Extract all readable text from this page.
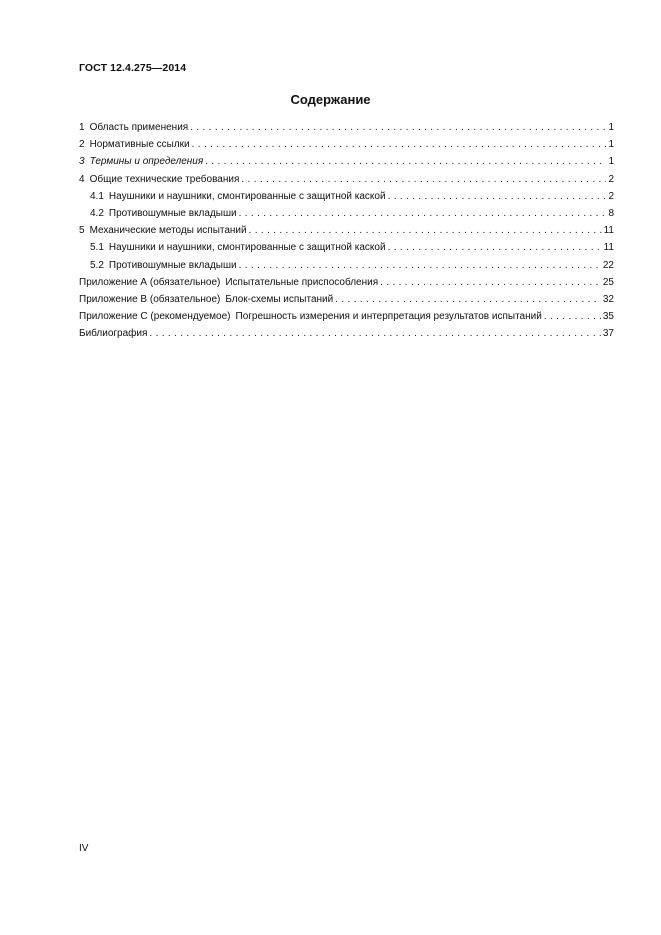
ГОСТ 12.4.275—2014
Содержание
1 Область применения . . .	1
2 Нормативные ссылки . . .	1
3 Термины и определения . . .	1
4 Общие технические требования . . .	2
4.1 Наушники и наушники, смонтированные с защитной каской . . .	2
4.2 Противошумные вкладыши . . .	8
5 Механические методы испытаний . . .	11
5.1 Наушники и наушники, смонтированные с защитной каской . . .	11
5.2 Противошумные вкладыши . . .	22
Приложение А (обязательное) Испытательные приспособления . . .	25
Приложение В (обязательное) Блок-схемы испытаний . . .	32
Приложение С (рекомендуемое) Погрешность измерения и интерпретация результатов испытаний . . .	35
Библиография . . .	37
IV
